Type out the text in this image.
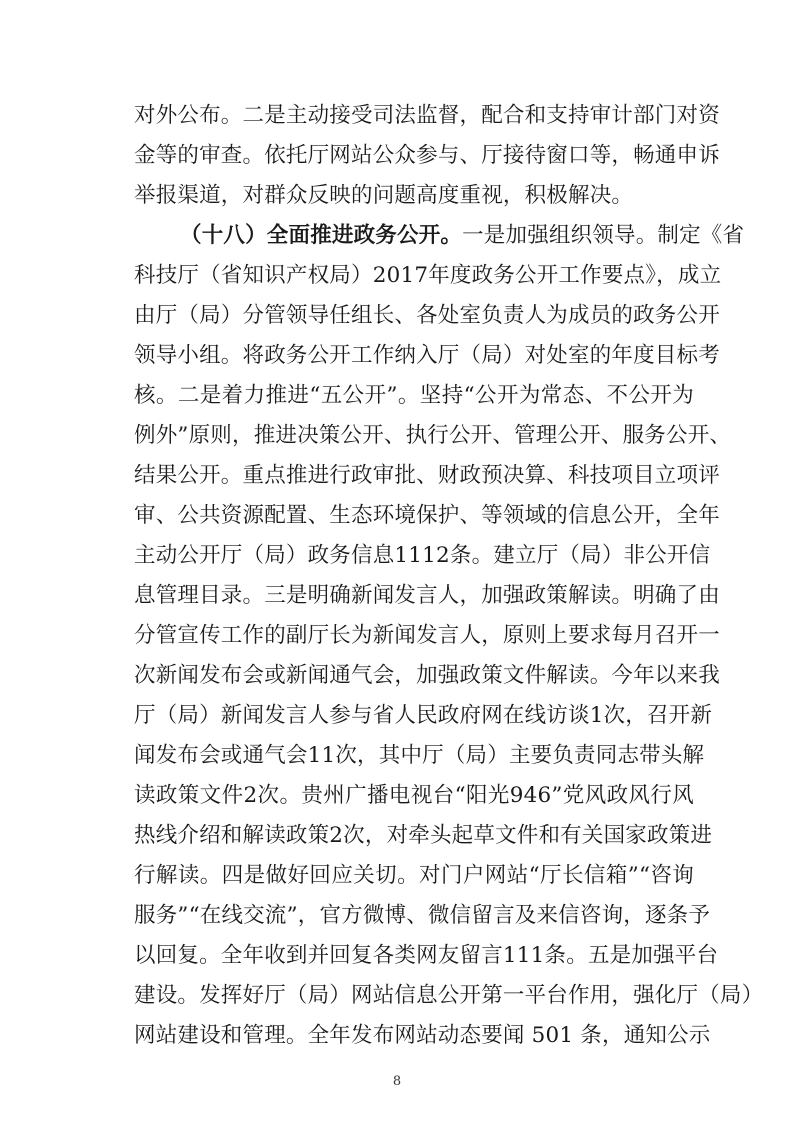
对外公布。二是主动接受司法监督，配合和支持审计部门对资
金等的审查。依托厅网站公众参与、厅接待窗口等，畅通申诉
举报渠道，对群众反映的问题高度重视，积极解决。
（十八）全面推进政务公开。一是加强组织领导。制定《省
科技厅（省知识产权局）2017年度政务公开工作要点》，成立
由厅（局）分管领导任组长、各处室负责人为成员的政务公开
领导小组。将政务公开工作纳入厅（局）对处室的年度目标考
核。二是着力推进“五公开”。坚持“公开为常态、不公开为
例外”原则，推进决策公开、执行公开、管理公开、服务公开、
结果公开。重点推进行政审批、财政预决算、科技项目立项评
审、公共资源配置、生态环境保护、等领域的信息公开，全年
主动公开厅（局）政务信息1112条。建立厅（局）非公开信
息管理目录。三是明确新闻发言人，加强政策解读。明确了由
分管宣传工作的副厅长为新闻发言人，原则上要求每月召开一
次新闻发布会或新闻通气会，加强政策文件解读。今年以来我
厅（局）新闻发言人参与省人民政府网在线访谈1次，召开新
闻发布会或通气会11次，其中厅（局）主要负责同志带头解
读政策文件2次。贵州广播电视台“阳光946”党风政风行风
热线介绍和解读政策2次，对牵头起草文件和有关国家政策进
行解读。四是做好回应关切。对门户网站“厅长信箱”“咨询
服务”“在线交流”，官方微博、微信留言及来信咨询，逐条予
以回复。全年收到并回复各类网友留言111条。五是加强平台
建设。发挥好厅（局）网站信息公开第一平台作用，强化厅（局）
网站建设和管理。全年发布网站动态要闻 501 条，通知公示
8
